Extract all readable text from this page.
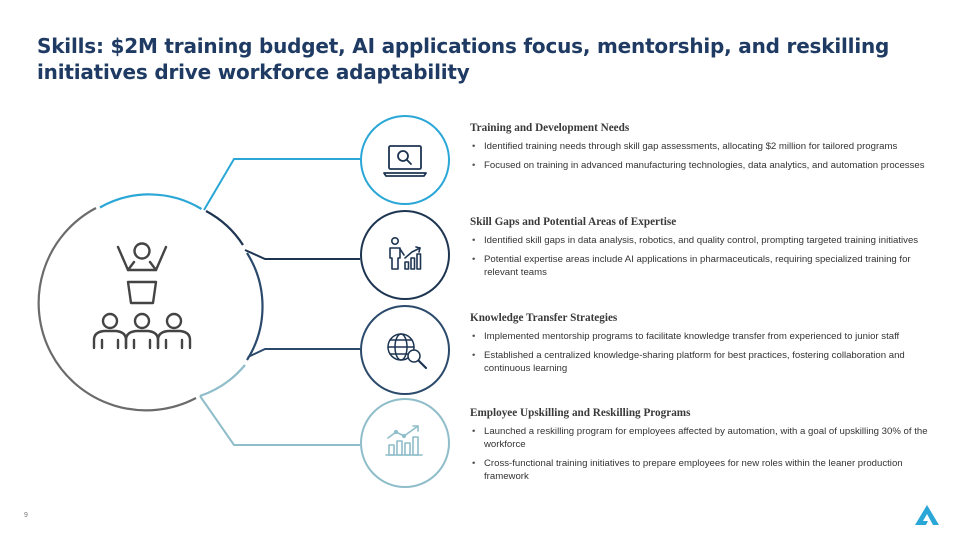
Skills: $2M training budget, AI applications focus, mentorship, and reskilling initiatives drive workforce adaptability
Training and Development Needs
• Identified training needs through skill gap assessments, allocating $2 million for tailored programs
• Focused on training in advanced manufacturing technologies, data analytics, and automation processes
Skill Gaps and Potential Areas of Expertise
• Identified skill gaps in data analysis, robotics, and quality control, prompting targeted training initiatives
• Potential expertise areas include AI applications in pharmaceuticals, requiring specialized training for relevant teams
Knowledge Transfer Strategies
• Implemented mentorship programs to facilitate knowledge transfer from experienced to junior staff
• Established a centralized knowledge-sharing platform for best practices, fostering collaboration and continuous learning
Employee Upskilling and Reskilling Programs
• Launched a reskilling program for employees affected by automation, with a goal of upskilling 30% of the workforce
• Cross-functional training initiatives to prepare employees for new roles within the leaner production framework
9
